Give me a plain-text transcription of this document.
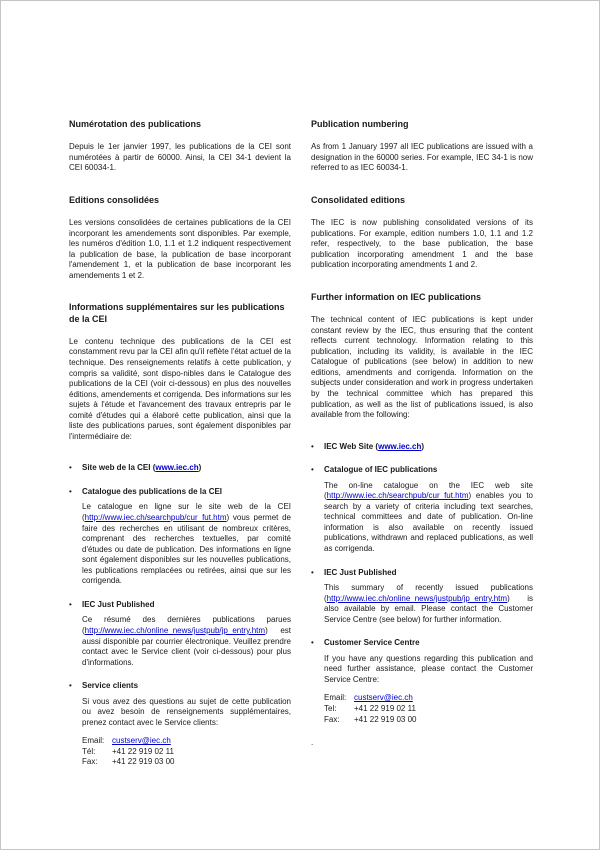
Numérotation des publications

Depuis le 1er janvier 1997, les publications de la CEI sont numérotées à partir de 60000. Ainsi, la CEI 34-1 devient la CEI 60034-1.

Editions consolidées

Les versions consolidées de certaines publications de la CEI incorporant les amendements sont disponibles. Par exemple, les numéros d'édition 1.0, 1.1 et 1.2 indiquent respectivement la publication de base, la publication de base incorporant l'amendement 1, et la publication de base incorporant les amendements 1 et 2.

Informations supplémentaires sur les publications de la CEI

Le contenu technique des publications de la CEI est constamment revu par la CEI afin qu'il reflète l'état actuel de la technique. Des renseignements relatifs à cette publication, y compris sa validité, sont dispo-nibles dans le Catalogue des publications de la CEI (voir ci-dessous) en plus des nouvelles éditions, amendements et corrigenda. Des informations sur les sujets à l'étude et l'avancement des travaux entrepris par le comité d'études qui a élaboré cette publication, ainsi que la liste des publications parues, sont également disponibles par l'intermédiaire de:

•	Site web de la CEI (www.iec.ch)
•	Catalogue des publications de la CEI

Le catalogue en ligne sur le site web de la CEI (http://www.iec.ch/searchpub/cur_fut.htm) vous permet de faire des recherches en utilisant de nombreux critères, comprenant des recherches textuelles, par comité d'études ou date de publication. Des informations en ligne sont également disponibles sur les nouvelles publications, les publications remplacées ou retirées, ainsi que sur les corrigenda.

•	IEC Just Published

Ce résumé des dernières publications parues (http://www.iec.ch/online_news/justpub/jp_entry.htm) est aussi disponible par courrier électronique. Veuillez prendre contact avec le Service client (voir ci-dessous) pour plus d'informations.

•	Service clients

Si vous avez des questions au sujet de cette publication ou avez besoin de renseignements supplémentaires, prenez contact avec le Service clients:

Email: custserv@iec.ch
Tél: +41 22 919 02 11
Fax: +41 22 919 03 00
Publication numbering

As from 1 January 1997 all IEC publications are issued with a designation in the 60000 series. For example, IEC 34-1 is now referred to as IEC 60034-1.

Consolidated editions

The IEC is now publishing consolidated versions of its publications. For example, edition numbers 1.0, 1.1 and 1.2 refer, respectively, to the base publication, the base publication incorporating amendment 1 and the base publication incorporating amendments 1 and 2.

Further information on IEC publications

The technical content of IEC publications is kept under constant review by the IEC, thus ensuring that the content reflects current technology. Information relating to this publication, including its validity, is available in the IEC Catalogue of publications (see below) in addition to new editions, amendments and corrigenda. Information on the subjects under consideration and work in progress undertaken by the technical committee which has prepared this publication, as well as the list of publications issued, is also available from the following:

•	IEC Web Site (www.iec.ch)
•	Catalogue of IEC publications

The on-line catalogue on the IEC web site (http://www.iec.ch/searchpub/cur_fut.htm) enables you to search by a variety of criteria including text searches, technical committees and date of publication. On-line information is also available on recently issued publications, withdrawn and replaced publications, as well as corrigenda.

•	IEC Just Published

This summary of recently issued publications (http://www.iec.ch/online_news/justpub/jp_entry.htm) is also available by email. Please contact the Customer Service Centre (see below) for further information.

•	Customer Service Centre

If you have any questions regarding this publication and need further assistance, please contact the Customer Service Centre:

Email: custserv@iec.ch
Tel: +41 22 919 02 11
Fax: +41 22 919 03 00

.
